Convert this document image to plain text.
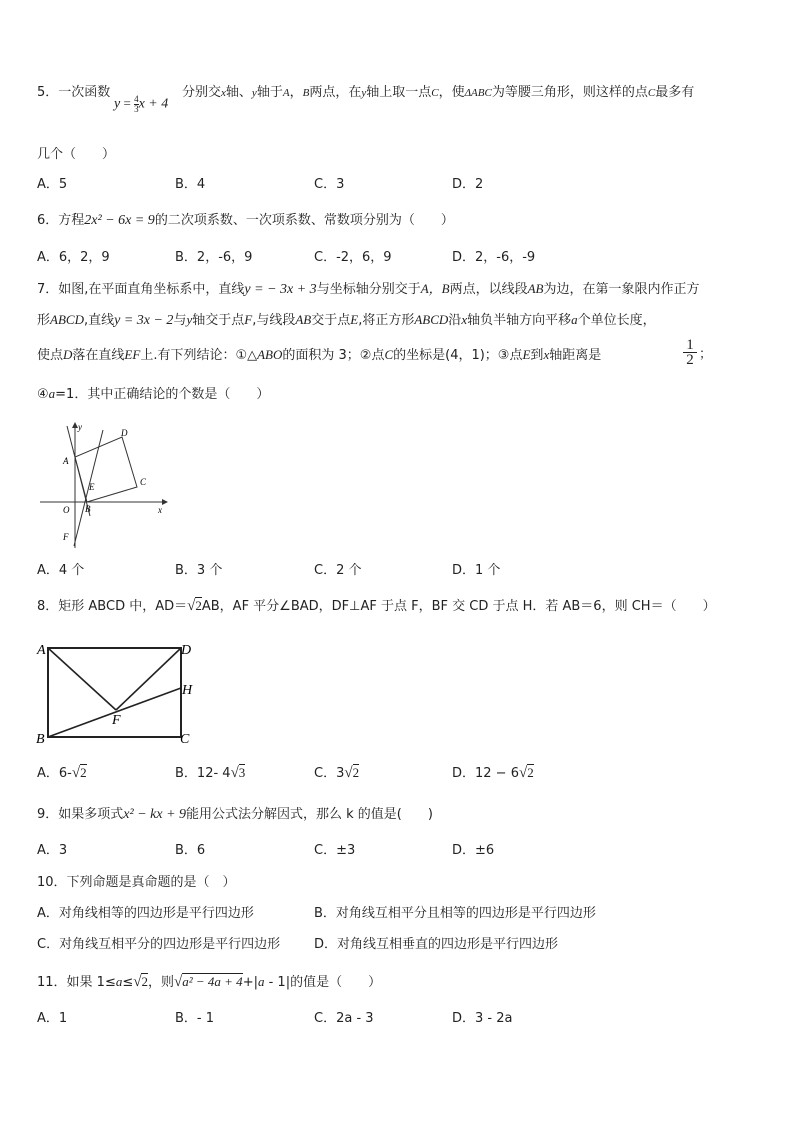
5．一次函数
$y = \frac{4}{3}$ x + 4
分别交x轴、y轴于A，B两点，在y轴上取一点C，使ΔABC为等腰三角形，则这样的点C最多有
几个（　　）
A．5	B．4	C．3	D．2
6．方程2x² − 6x = 9的二次项系数、一次项系数、常数项分别为（　　）
A．6，2，9	B．2，-6，9	C．-2，6，9	D．2，-6，-9
7．如图,在平面直角坐标系中，直线y = − 3x + 3与坐标轴分别交于A，B两点，以线段AB为边，在第一象限内作正方
形ABCD,直线y = 3x − 2与y轴交于点F,与线段AB交于点E,将正方形ABCD沿x轴负半轴方向平移a个单位长度，
使点D落在直线EF上.有下列结论：①△ABO的面积为 3；②点C的坐标是(4，1)；③点E到x轴距离是	$\frac{1}{2}$ ；
④a=1．其中正确结论的个数是（　　）
y
D
A
C
E
O B	x
F
A．4 个	B．3 个	C．2 个	D．1 个
8．矩形 ABCD 中，AD＝√2AB，AF 平分∠BAD，DF⊥AF 于点 F，BF 交 CD 于点 H．若 AB＝6，则 CH＝（　　）
A	D
H
F
B	C
A．6-√2	B．12- 4√3	C．3√2	D．12 − 6√2
9．如果多项式x² − kx + 9能用公式法分解因式，那么 k 的值是(　　)
A．3	B．6	C．±3	D．±6
10．下列命题是真命题的是（　）
A．对角线相等的四边形是平行四边形	B．对角线互相平分且相等的四边形是平行四边形
C．对角线互相平分的四边形是平行四边形	D．对角线互相垂直的四边形是平行四边形
11．如果 1≤a≤√2，则√a² − 4a + 4+|a - 1|的值是（　　）
A．1	B．- 1	C．2a - 3	D．3 - 2a
